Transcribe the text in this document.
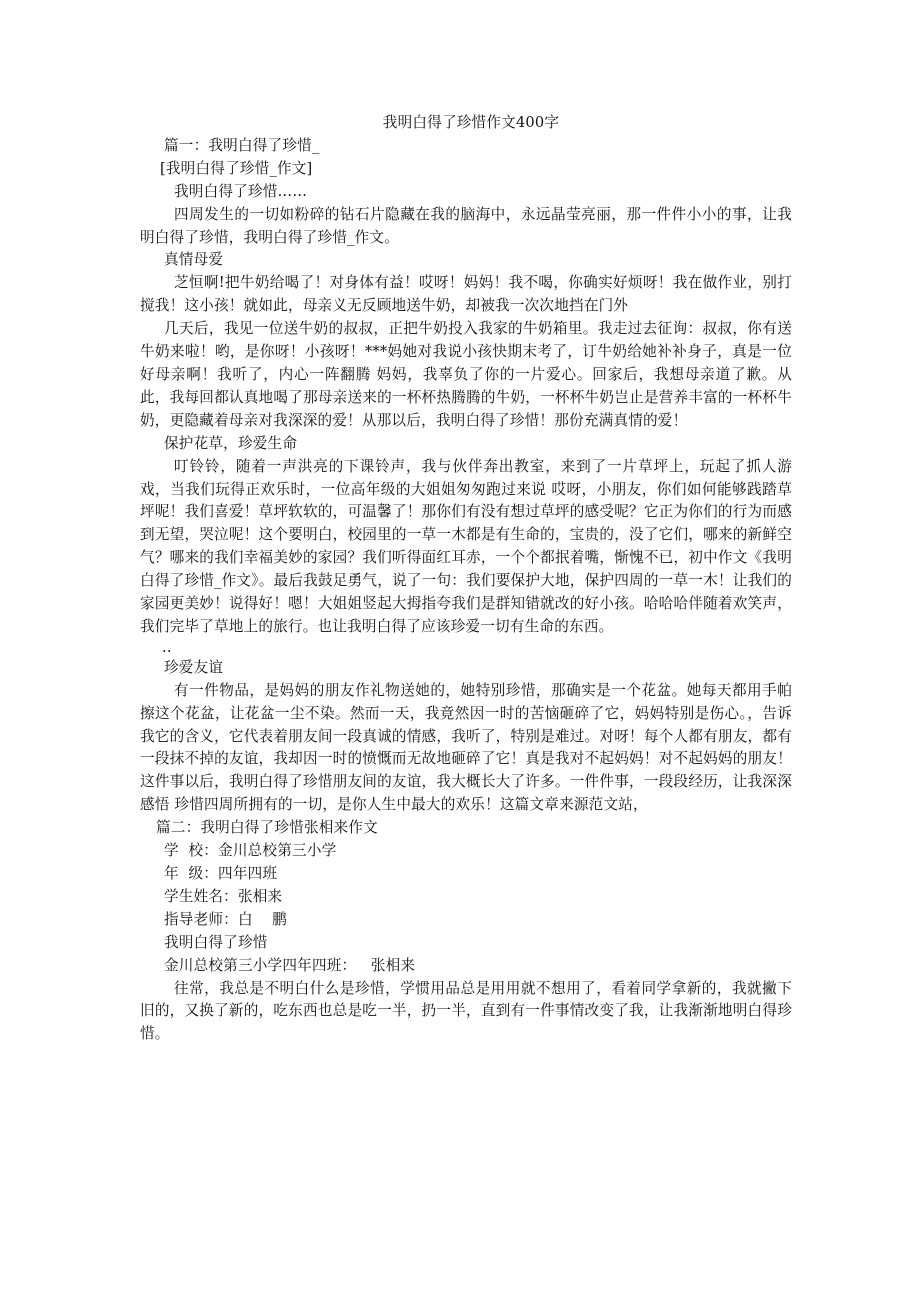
我明白得了珍惜作文400字

篇一：我明白得了珍惜_

[我明白得了珍惜_作文]

我明白得了珍惜……

四周发生的一切如粉碎的钻石片隐藏在我的脑海中，永远晶莹亮丽，那一件件小小的事，让我明白得了珍惜，我明白得了珍惜_作文。

真情母爱

芝恒啊!把牛奶给喝了！对身体有益！哎呀！妈妈！我不喝，你确实好烦呀！我在做作业，别打搅我！这小孩！就如此，母亲义无反顾地送牛奶，却被我一次次地挡在门外

几天后，我见一位送牛奶的叔叔，正把牛奶投入我家的牛奶箱里。我走过去征询：叔叔，你有送牛奶来啦！哟，是你呀！小孩呀！***妈她对我说小孩快期末考了，订牛奶给她补补身子，真是一位好母亲啊！我听了，内心一阵翻腾 妈妈，我辜负了你的一片爱心。回家后，我想母亲道了歉。从此，我每回都认真地喝了那母亲送来的一杯杯热腾腾的牛奶，一杯杯牛奶岂止是营养丰富的一杯杯牛奶，更隐藏着母亲对我深深的爱！从那以后，我明白得了珍惜！那份充满真情的爱！

保护花草，珍爱生命

叮铃铃，随着一声洪亮的下课铃声，我与伙伴奔出教室，来到了一片草坪上，玩起了抓人游戏，当我们玩得正欢乐时，一位高年级的大姐姐匆匆跑过来说 哎呀，小朋友，你们如何能够践踏草坪呢！我们喜爱！草坪软软的，可温馨了！那你们有没有想过草坪的感受呢？它正为你们的行为而感到无望，哭泣呢！这个要明白，校园里的一草一木都是有生命的，宝贵的，没了它们，哪来的新鲜空气？哪来的我们幸福美妙的家园？我们听得面红耳赤，一个个都抿着嘴，惭愧不已，初中作文《我明白得了珍惜_作文》。最后我鼓足勇气，说了一句：我们要保护大地，保护四周的一草一木！让我们的家园更美妙！说得好！嗯！大姐姐竖起大拇指夸我们是群知错就改的好小孩。哈哈哈伴随着欢笑声，我们完毕了草地上的旅行。也让我明白得了应该珍爱一切有生命的东西。

..

珍爱友谊

有一件物品，是妈妈的朋友作礼物送她的，她特别珍惜，那确实是一个花盆。她每天都用手帕擦这个花盆，让花盆一尘不染。然而一天，我竟然因一时的苦恼砸碎了它，妈妈特别是伤心。，告诉我它的含义，它代表着朋友间一段真诚的情感，我听了，特别是难过。对呀！每个人都有朋友，都有一段抹不掉的友谊，我却因一时的愤慨而无故地砸碎了它！真是我对不起妈妈！对不起妈妈的朋友！这件事以后，我明白得了珍惜朋友间的友谊，我大概长大了许多。一件件事，一段段经历，让我深深感悟 珍惜四周所拥有的一切，是你人生中最大的欢乐！这篇文章来源范文站，

篇二：我明白得了珍惜张相来作文

学  校：金川总校第三小学

年  级：四年四班

学生姓名：张相来

指导老师：白    鹏

我明白得了珍惜

金川总校第三小学四年四班：   张相来

往常，我总是不明白什么是珍惜，学惯用品总是用用就不想用了，看着同学拿新的，我就撇下旧的，又换了新的，吃东西也总是吃一半，扔一半，直到有一件事情改变了我，让我渐渐地明白得珍惜。
